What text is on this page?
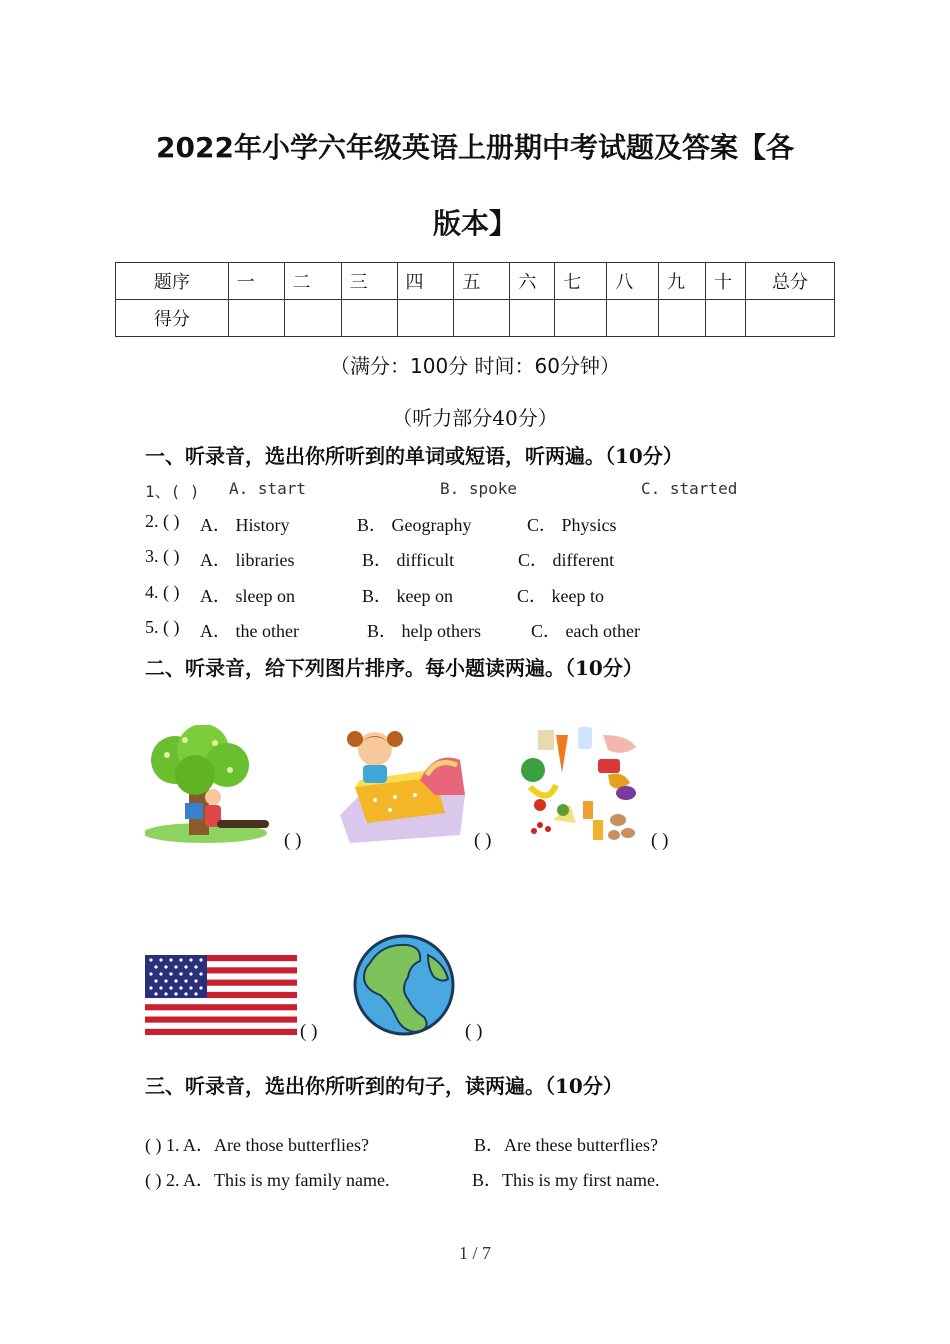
2022年小学六年级英语上册期中考试题及答案【各
版本】
题序	一	二	三	四	五	六	七	八	九	十	总分
得分											
（满分：100分 时间：60分钟）
（听力部分40分）
一、听录音，选出你所听到的单词或短语，听两遍。（10分）
1、( ) A. start	B. spoke	C. started
2. ( ) A． History	B． Geography	C． Physics
3. ( ) A． libraries	B． difficult	C． different
4. ( ) A． sleep on	B． keep on	C． keep to
5. ( ) A． the other	B． help others	C． each other
二、听录音，给下列图片排序。每小题读两遍。（10分）
( )	( )	( )
( )	( )
三、听录音，选出你所听到的句子，读两遍。（10分）
( ) 1. A．Are those butterflies?	B．Are these butterflies?
( ) 2. A．This is my family name.	B．This is my first name.
1 / 7
